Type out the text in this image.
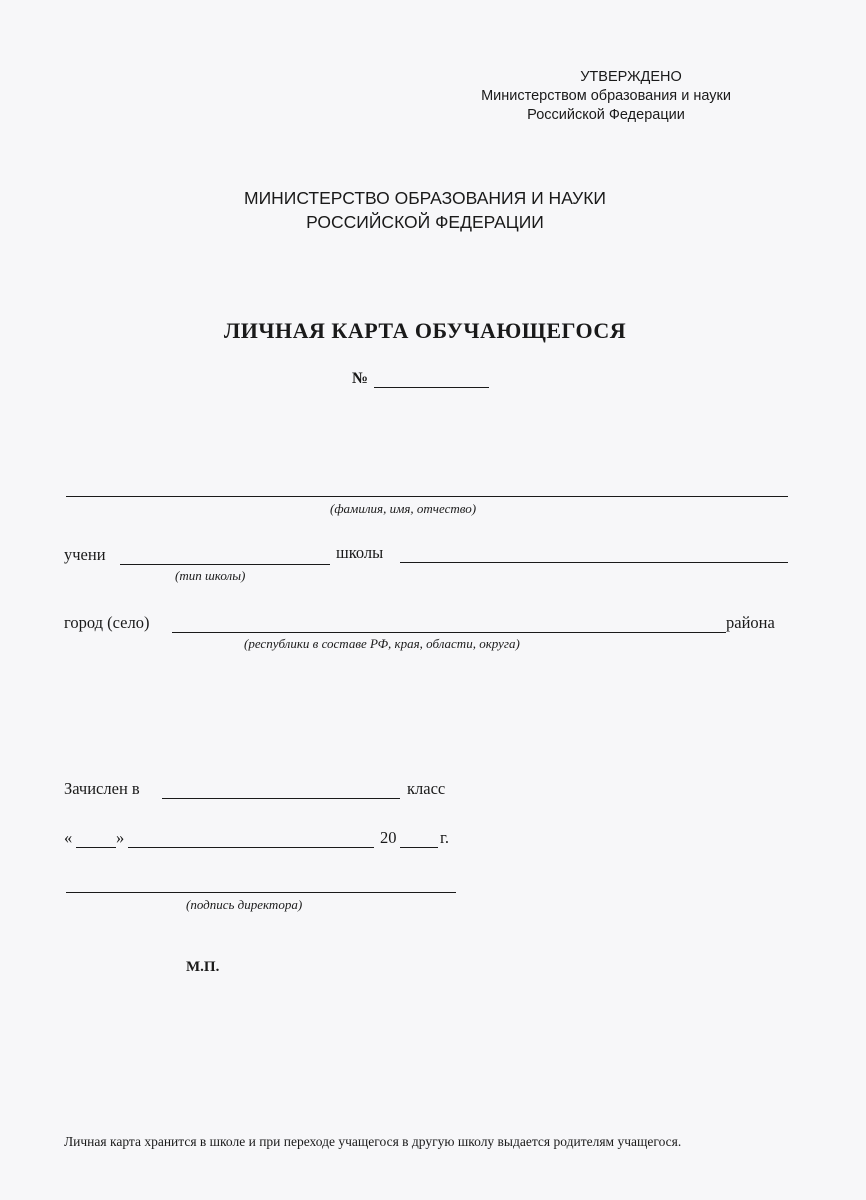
УТВЕРЖДЕНО
Министерством образования и науки
Российской Федерации
МИНИСТЕРСТВО ОБРАЗОВАНИЯ И НАУКИ
РОССИЙСКОЙ ФЕДЕРАЦИИ
ЛИЧНАЯ КАРТА ОБУЧАЮЩЕГОСЯ
№
(фамилия, имя, отчество)
учени	школы
(тип школы)
город (село)	района
(республики в составе РФ, края, области, округа)
Зачислен в	класс
«	»	20	г.
(подпись директора)
М.П.
Личная карта хранится в школе и при переходе учащегося в другую школу выдается родителям учащегося.
